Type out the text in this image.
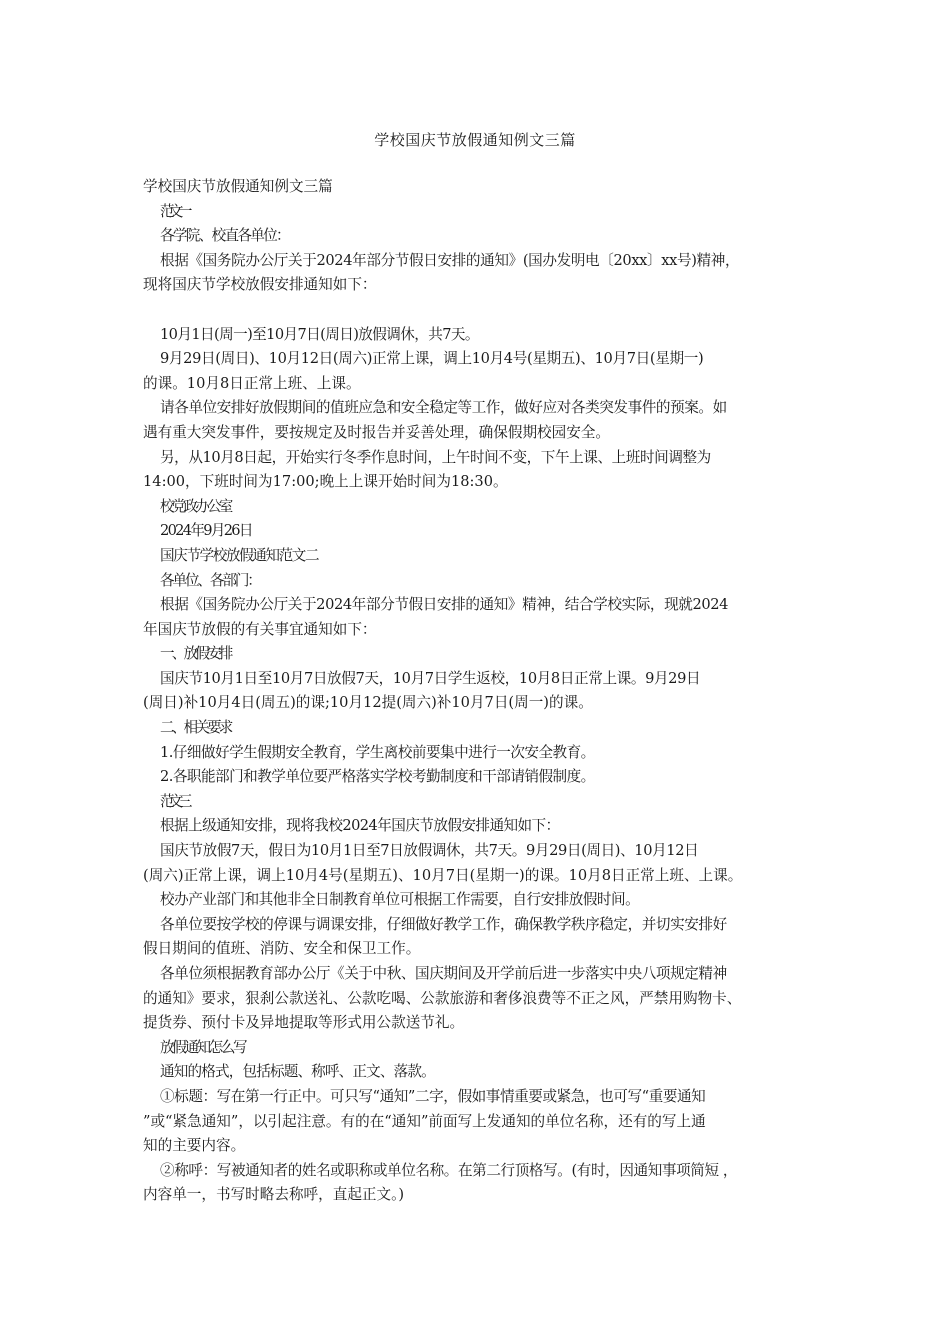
学校国庆节放假通知例文三篇
学校国庆节放假通知例文三篇
范文一
各学院、校直各单位：
根据《国务院办公厅关于2024年部分节假日安排的通知》(国办发明电〔20xx〕xx号)精神，
现将国庆节学校放假安排通知如下：
10月1日(周一)至10月7日(周日)放假调休，共7天。
9月29日(周日)、10月12日(周六)正常上课，调上10月4号(星期五)、10月7日(星期一)
的课。10月8日正常上班、上课。
请各单位安排好放假期间的值班应急和安全稳定等工作，做好应对各类突发事件的预案。如
遇有重大突发事件，要按规定及时报告并妥善处理，确保假期校园安全。
另，从10月8日起，开始实行冬季作息时间，上午时间不变，下午上课、上班时间调整为
14:00，下班时间为17:00;晚上上课开始时间为18:30。
校党政办公室
2024年9月26日
国庆节学校放假通知范文二
各单位、各部门：
根据《国务院办公厅关于2024年部分节假日安排的通知》精神，结合学校实际，现就2024
年国庆节放假的有关事宜通知如下：
一、放假安排
国庆节10月1日至10月7日放假7天，10月7日学生返校，10月8日正常上课。9月29日
(周日)补10月4日(周五)的课;10月12提(周六)补10月7日(周一)的课。
二、相关要求
1.仔细做好学生假期安全教育，学生离校前要集中进行一次安全教育。
2.各职能部门和教学单位要严格落实学校考勤制度和干部请销假制度。
范文三
根据上级通知安排，现将我校2024年国庆节放假安排通知如下：
国庆节放假7天，假日为10月1日至7日放假调休，共7天。9月29日(周日)、10月12日
(周六)正常上课，调上10月4号(星期五)、10月7日(星期一)的课。10月8日正常上班、上课。
校办产业部门和其他非全日制教育单位可根据工作需要，自行安排放假时间。
各单位要按学校的停课与调课安排，仔细做好教学工作，确保教学秩序稳定，并切实安排好
假日期间的值班、消防、安全和保卫工作。
各单位须根据教育部办公厅《关于中秋、国庆期间及开学前后进一步落实中央八项规定精神
的通知》要求，狠刹公款送礼、公款吃喝、公款旅游和奢侈浪费等不正之风，严禁用购物卡、
提货券、预付卡及异地提取等形式用公款送节礼。
放假通知怎么写
通知的格式，包括标题、称呼、正文、落款。
①标题：写在第一行正中。可只写“通知”二字，假如事情重要或紧急，也可写“重要通知
”或“紧急通知”，以引起注意。有的在“通知”前面写上发通知的单位名称，还有的写上通
知的主要内容。
②称呼：写被通知者的姓名或职称或单位名称。在第二行顶格写。(有时，因通知事项简短 ，
内容单一，书写时略去称呼，直起正文。)
